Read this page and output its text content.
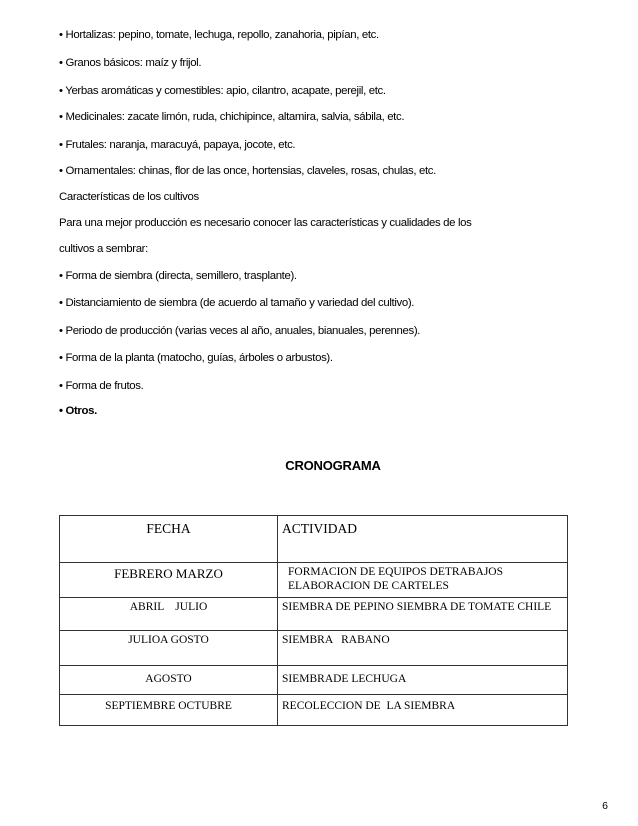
• Hortalizas: pepino, tomate, lechuga, repollo, zanahoria, pipían, etc.
• Granos básicos: maíz y frijol.
• Yerbas aromáticas y comestibles: apio, cilantro, acapate, perejil, etc.
• Medicinales: zacate limón, ruda, chichipince, altamira, salvia, sábila, etc.
• Frutales: naranja, maracuyá, papaya, jocote, etc.
• Ornamentales: chinas, flor de las once, hortensias, claveles, rosas, chulas, etc.
Características de los cultivos
Para una mejor producción es necesario conocer las características y cualidades de los
cultivos a sembrar:
• Forma de siembra (directa, semillero, trasplante).
• Distanciamiento de siembra (de acuerdo al tamaño y variedad del cultivo).
• Periodo de producción (varias veces al año, anuales, bianuales, perennes).
• Forma de la planta (matocho, guías, árboles o arbustos).
• Forma de frutos.
• Otros.
CRONOGRAMA
FECHA	ACTIVIDAD
FEBRERO MARZO	FORMACION DE EQUIPOS DETRABAJOS ELABORACION DE CARTELES
ABRIL    JULIO	SIEMBRA DE PEPINO SIEMBRA DE TOMATE CHILE
JULIOA GOSTO	SIEMBRA   RABANO
AGOSTO	SIEMBRADE LECHUGA
SEPTIEMBRE OCTUBRE	RECOLECCION DE  LA SIEMBRA
6
